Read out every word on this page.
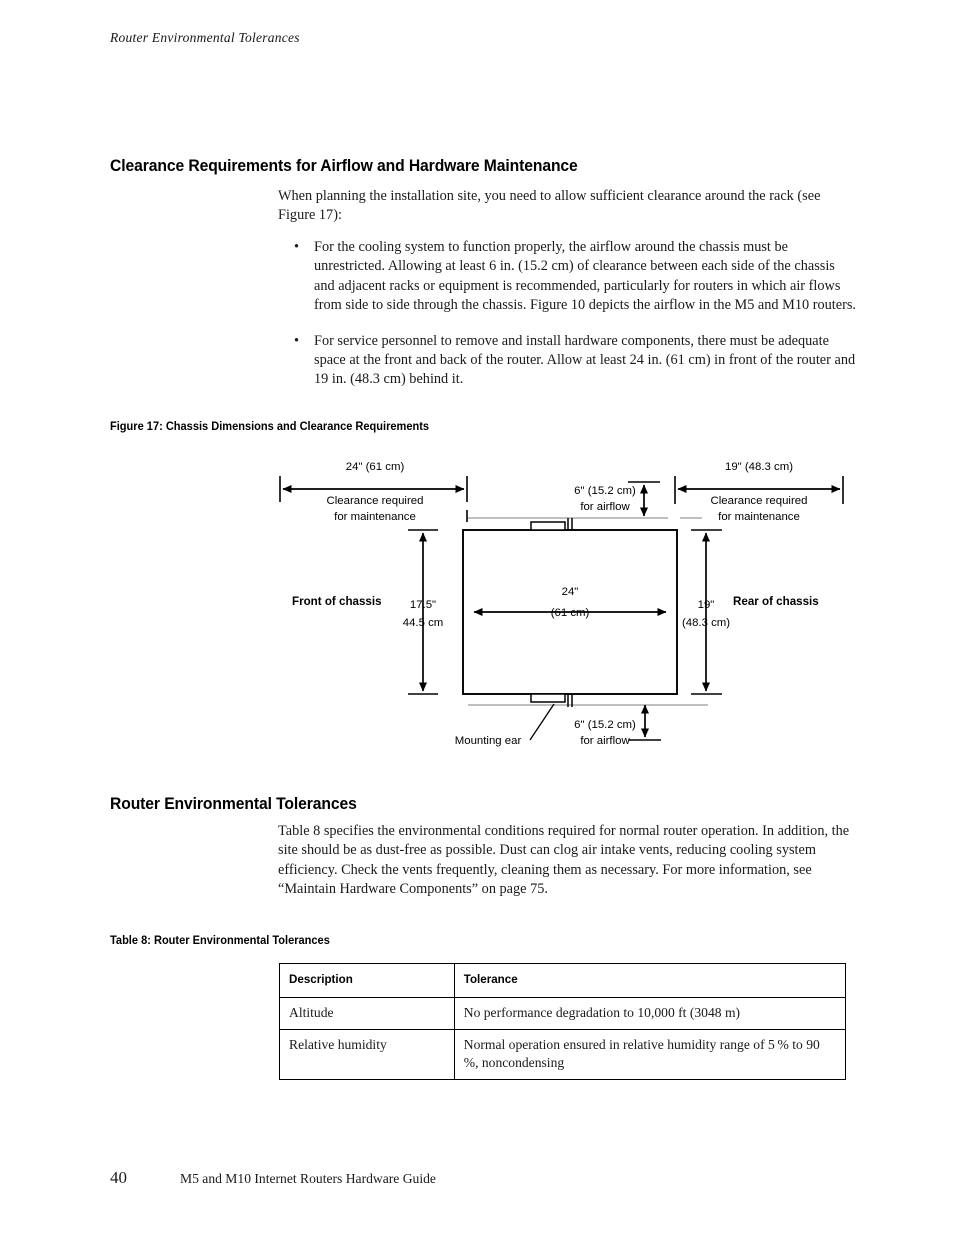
Router Environmental Tolerances
Clearance Requirements for Airflow and Hardware Maintenance
When planning the installation site, you need to allow sufficient clearance around the rack (see Figure 17):
• For the cooling system to function properly, the airflow around the chassis must be unrestricted. Allowing at least 6 in. (15.2 cm) of clearance between each side of the chassis and adjacent racks or equipment is recommended, particularly for routers in which air flows from side to side through the chassis. Figure 10 depicts the airflow in the M5 and M10 routers.
• For service personnel to remove and install hardware components, there must be adequate space at the front and back of the router. Allow at least 24 in. (61 cm) in front of the router and 19 in. (48.3 cm) behind it.
Figure 17: Chassis Dimensions and Clearance Requirements
24" (61 cm)
Clearance required
for maintenance
19" (48.3 cm)
Clearance required
for maintenance
6" (15.2 cm)
for airflow
Front of chassis	Rear of chassis
17.5"
44.5 cm
24"
(61 cm)
19"
(48.3 cm)
Mounting ear
6" (15.2 cm)
for airflow
Router Environmental Tolerances
Table 8 specifies the environmental conditions required for normal router operation. In addition, the site should be as dust-free as possible. Dust can clog air intake vents, reducing cooling system efficiency. Check the vents frequently, cleaning them as necessary. For more information, see “Maintain Hardware Components” on page 75.
Table 8: Router Environmental Tolerances
Description	Tolerance
Altitude	No performance degradation to 10,000 ft (3048 m)
Relative humidity	Normal operation ensured in relative humidity range of 5 % to 90 %, noncondensing
40	M5 and M10 Internet Routers Hardware Guide
